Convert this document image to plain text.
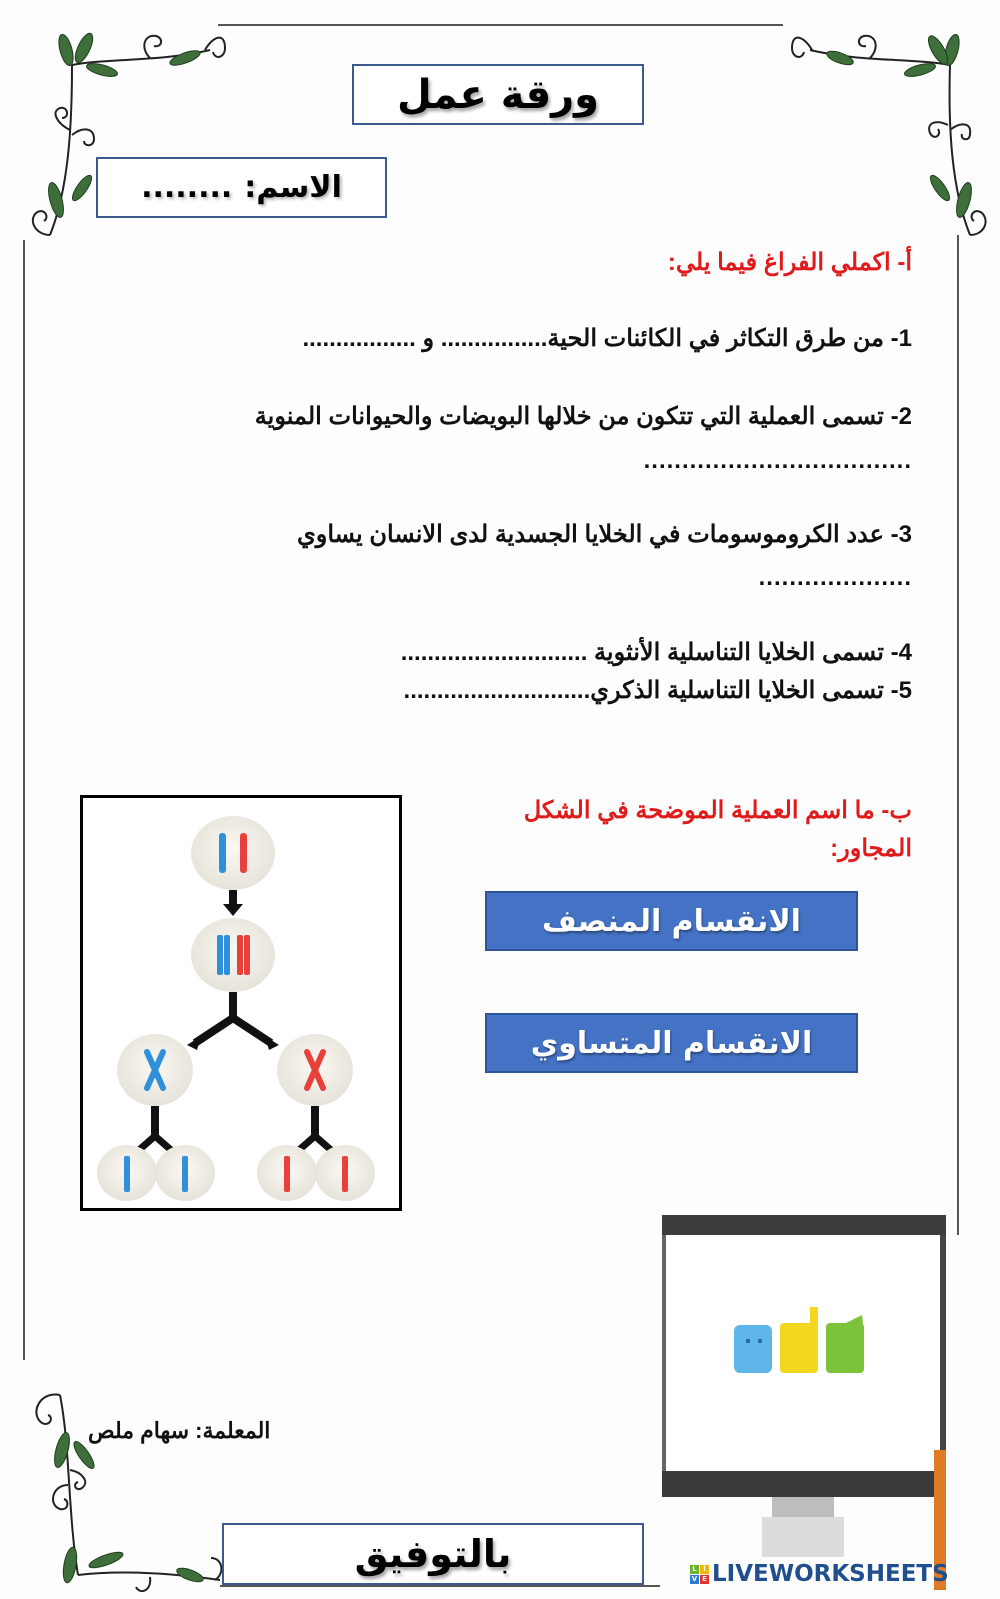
ورقة عمل
الاسم:
........
أ- اكملي الفراغ فيما يلي:
1- من طرق التكاثر في الكائنات الحية................ و .................
2- تسمى العملية التي تتكون من خلالها البويضات والحيوانات المنوية
...................................
3- عدد الكروموسومات في الخلايا الجسدية لدى الانسان يساوي
....................
4- تسمى الخلايا التناسلية الأنثوية ............................
5- تسمى الخلايا التناسلية الذكري............................
ب- ما اسم العملية الموضحة في الشكل
المجاور:
الانقسام المنصف
الانقسام المتساوي
المعلمة: سهام ملص
بالتوفيق	L I
V E LIVEWORKSHEETS
